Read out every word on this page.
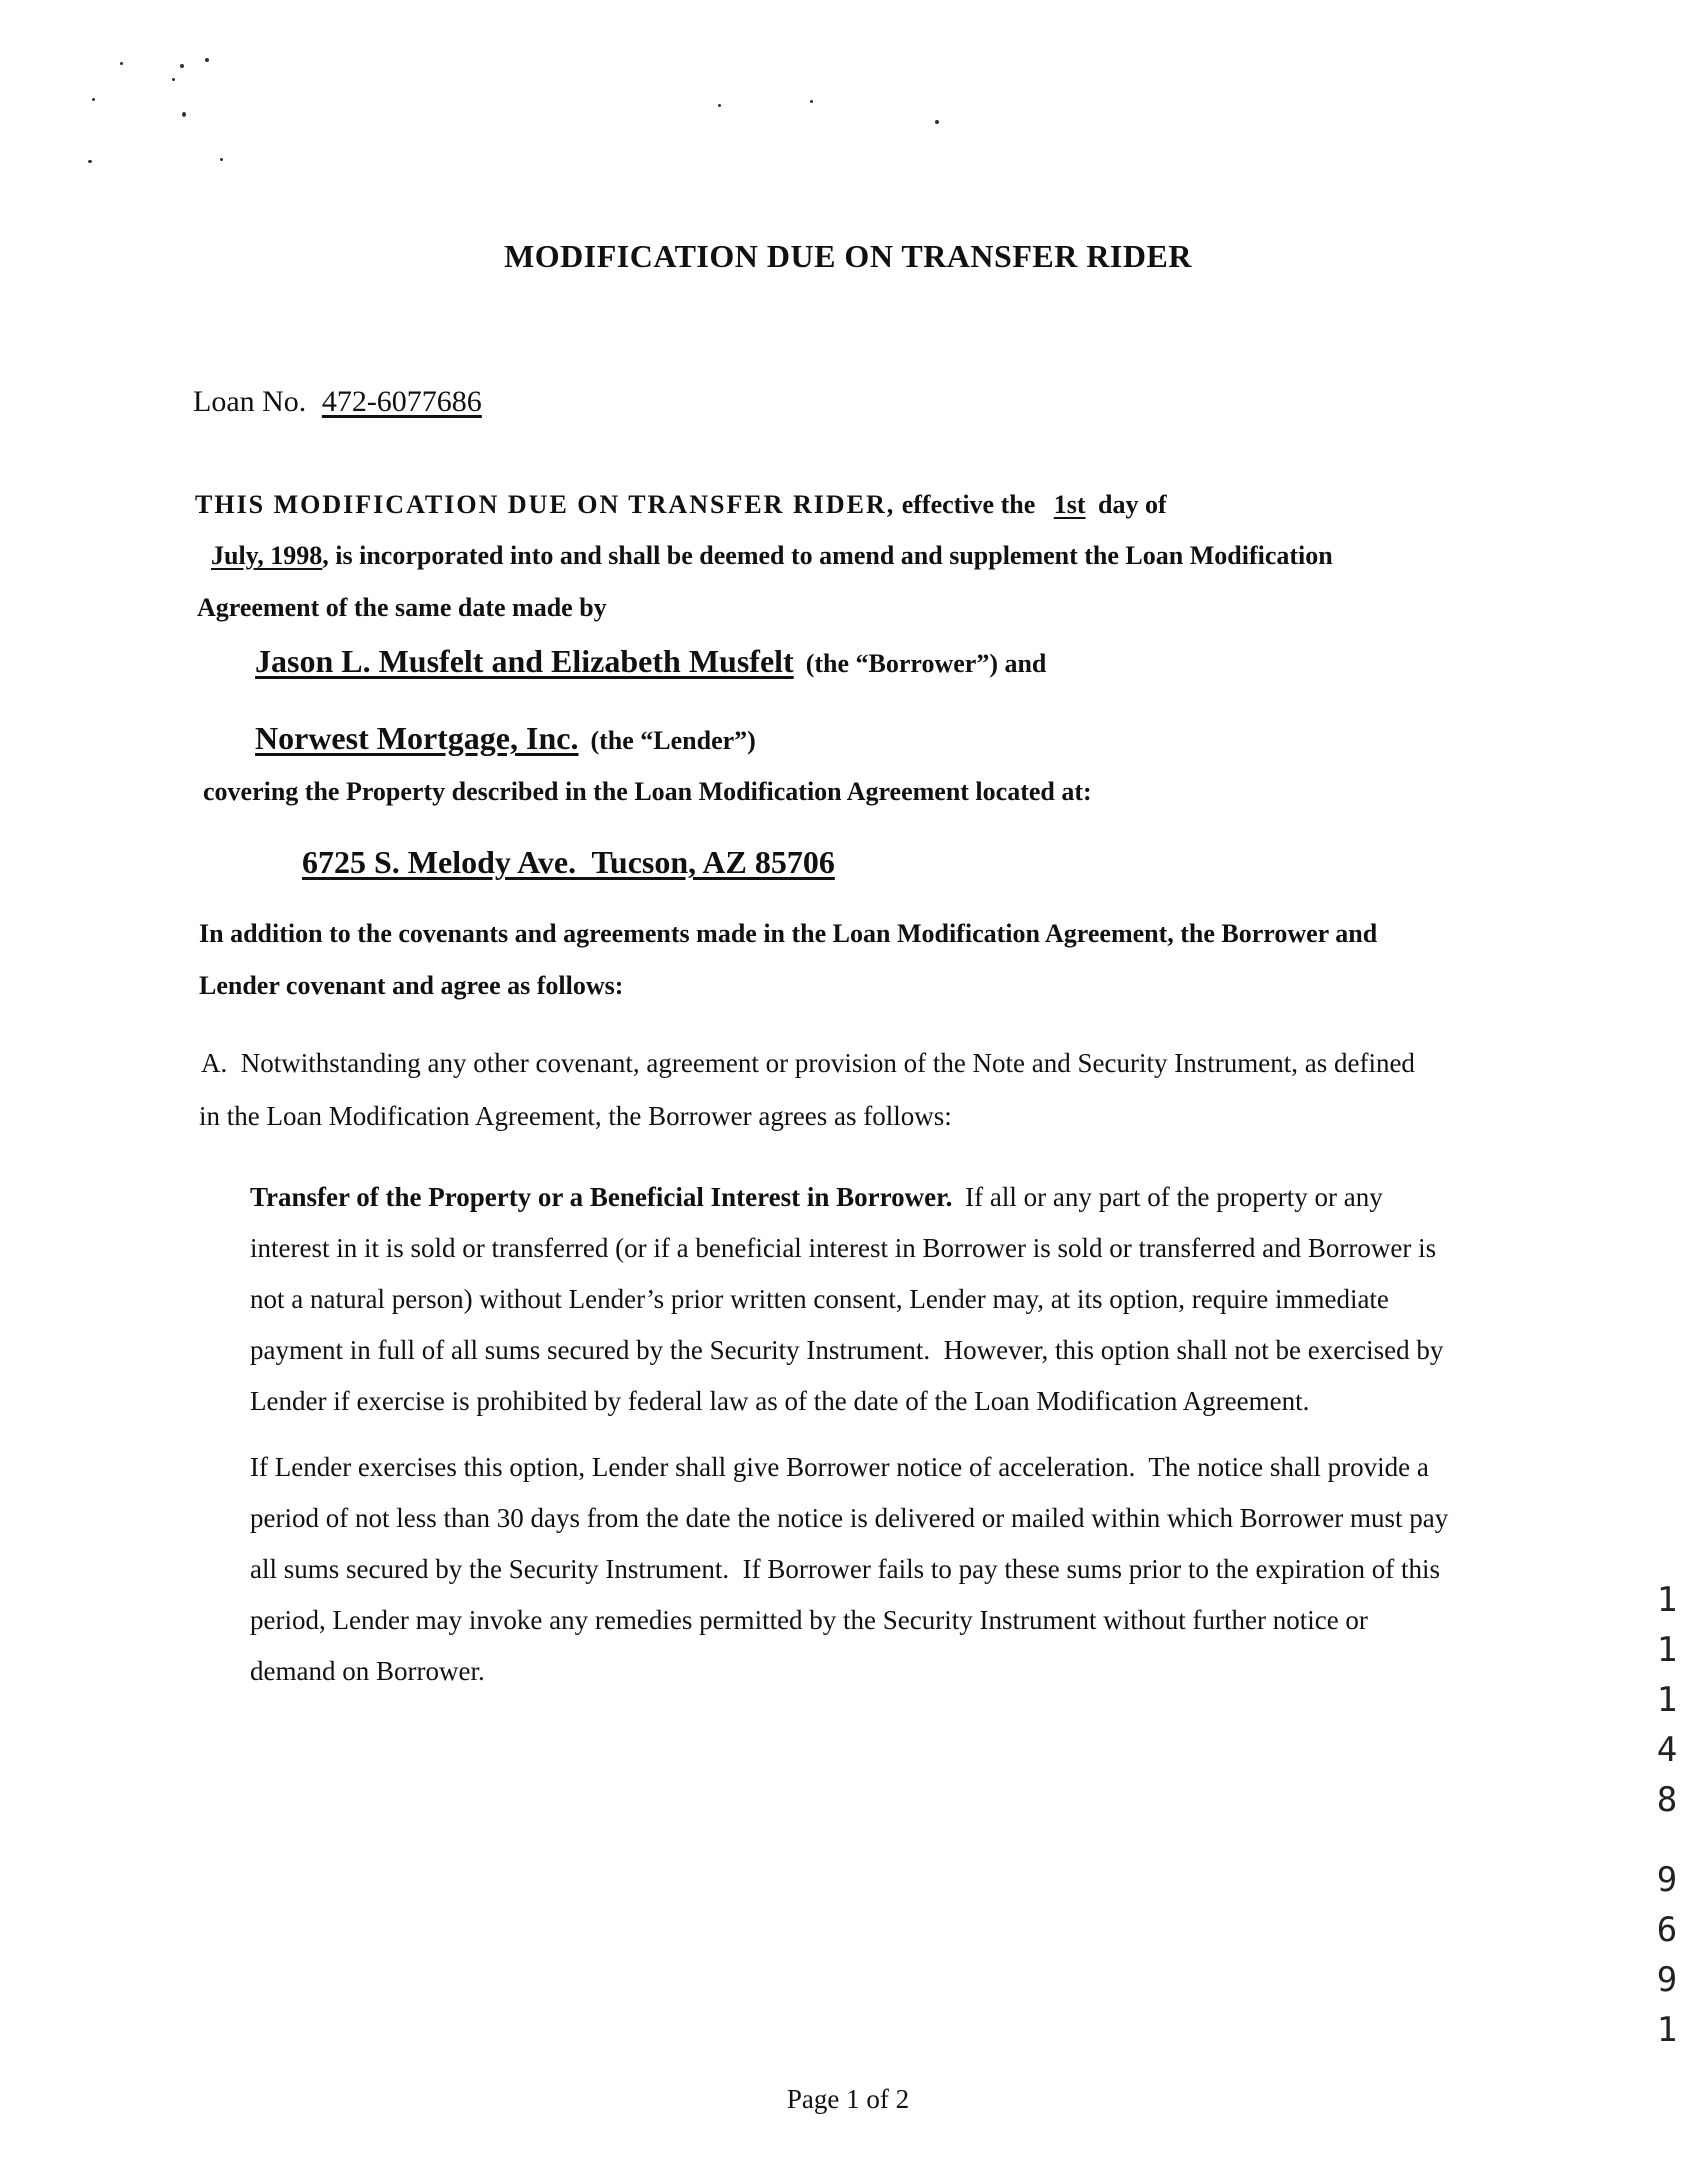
MODIFICATION DUE ON TRANSFER RIDER
Loan No. 472-6077686
THIS MODIFICATION DUE ON TRANSFER RIDER, effective the 1st day of
July, 1998, is incorporated into and shall be deemed to amend and supplement the Loan Modification
Agreement of the same date made by
Jason L. Musfelt and Elizabeth Musfelt (the “Borrower”) and
Norwest Mortgage, Inc. (the “Lender”)
covering the Property described in the Loan Modification Agreement located at:
6725 S. Melody Ave.  Tucson, AZ 85706
In addition to the covenants and agreements made in the Loan Modification Agreement, the Borrower and
Lender covenant and agree as follows:
A.  Notwithstanding any other covenant, agreement or provision of the Note and Security Instrument, as defined
in the Loan Modification Agreement, the Borrower agrees as follows:
Transfer of the Property or a Beneficial Interest in Borrower. If all or any part of the property or any
interest in it is sold or transferred (or if a beneficial interest in Borrower is sold or transferred and Borrower is
not a natural person) without Lender’s prior written consent, Lender may, at its option, require immediate
payment in full of all sums secured by the Security Instrument.  However, this option shall not be exercised by
Lender if exercise is prohibited by federal law as of the date of the Loan Modification Agreement.
If Lender exercises this option, Lender shall give Borrower notice of acceleration.  The notice shall provide a
period of not less than 30 days from the date the notice is delivered or mailed within which Borrower must pay
all sums secured by the Security Instrument.  If Borrower fails to pay these sums prior to the expiration of this
period, Lender may invoke any remedies permitted by the Security Instrument without further notice or
demand on Borrower.
1
1
1
4
8
9
6
9
1
Page 1 of 2
